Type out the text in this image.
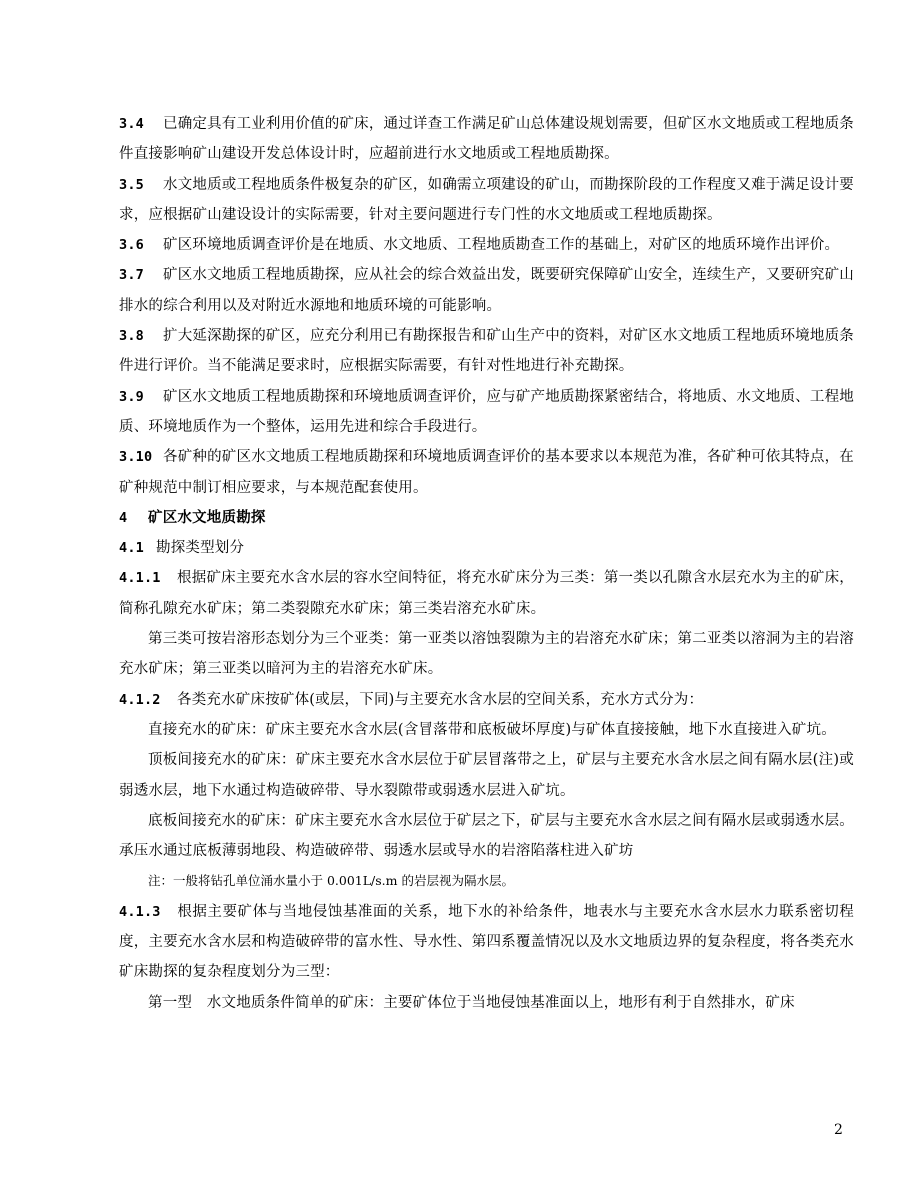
3.4 已确定具有工业利用价值的矿床，通过详查工作满足矿山总体建设规划需要，但矿区水文地质或工程地质条件直接影响矿山建设开发总体设计时，应超前进行水文地质或工程地质勘探。

3.5 水文地质或工程地质条件极复杂的矿区，如确需立项建设的矿山，而勘探阶段的工作程度又难于满足设计要求，应根据矿山建设设计的实际需要，针对主要问题进行专门性的水文地质或工程地质勘探。

3.6 矿区环境地质调查评价是在地质、水文地质、工程地质勘查工作的基础上，对矿区的地质环境作出评价。

3.7 矿区水文地质工程地质勘探，应从社会的综合效益出发，既要研究保障矿山安全，连续生产，又要研究矿山排水的综合利用以及对附近水源地和地质环境的可能影响。

3.8 扩大延深勘探的矿区，应充分利用已有勘探报告和矿山生产中的资料，对矿区水文地质工程地质环境地质条件进行评价。当不能满足要求时，应根据实际需要，有针对性地进行补充勘探。

3.9 矿区水文地质工程地质勘探和环境地质调查评价，应与矿产地质勘探紧密结合，将地质、水文地质、工程地质、环境地质作为一个整体，运用先进和综合手段进行。

3.10 各矿种的矿区水文地质工程地质勘探和环境地质调查评价的基本要求以本规范为准，各矿种可依其特点，在矿种规范中制订相应要求，与本规范配套使用。

4 矿区水文地质勘探

4.1 勘探类型划分

4.1.1 根据矿床主要充水含水层的容水空间特征，将充水矿床分为三类：第一类以孔隙含水层充水为主的矿床，简称孔隙充水矿床；第二类裂隙充水矿床；第三类岩溶充水矿床。

第三类可按岩溶形态划分为三个亚类：第一亚类以溶蚀裂隙为主的岩溶充水矿床；第二亚类以溶洞为主的岩溶充水矿床；第三亚类以暗河为主的岩溶充水矿床。

4.1.2 各类充水矿床按矿体(或层，下同)与主要充水含水层的空间关系，充水方式分为：

直接充水的矿床：矿床主要充水含水层(含冒落带和底板破坏厚度)与矿体直接接触，地下水直接进入矿坑。

顶板间接充水的矿床：矿床主要充水含水层位于矿层冒落带之上，矿层与主要充水含水层之间有隔水层(注)或弱透水层，地下水通过构造破碎带、导水裂隙带或弱透水层进入矿坑。

底板间接充水的矿床：矿床主要充水含水层位于矿层之下，矿层与主要充水含水层之间有隔水层或弱透水层。承压水通过底板薄弱地段、构造破碎带、弱透水层或导水的岩溶陷落柱进入矿坊

注：一般将钻孔单位涌水量小于 0.001L/s.m 的岩层视为隔水层。

4.1.3 根据主要矿体与当地侵蚀基准面的关系，地下水的补给条件，地表水与主要充水含水层水力联系密切程度，主要充水含水层和构造破碎带的富水性、导水性、第四系覆盖情况以及水文地质边界的复杂程度，将各类充水矿床勘探的复杂程度划分为三型：

第一型　水文地质条件简单的矿床：主要矿体位于当地侵蚀基准面以上，地形有利于自然排水，矿床

2
